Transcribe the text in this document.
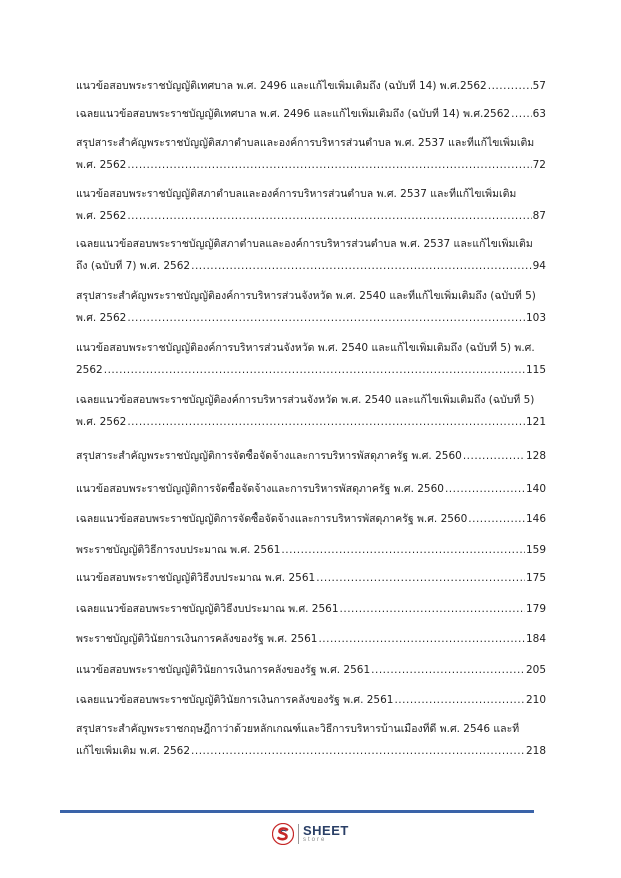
แนวข้อสอบพระราชบัญญัติเทศบาล พ.ศ. 2496 และแก้ไขเพิ่มเติมถึง (ฉบับที่ 14) พ.ศ.2562 .....	57
เฉลยแนวข้อสอบพระราชบัญญัติเทศบาล พ.ศ. 2496 และแก้ไขเพิ่มเติมถึง (ฉบับที่ 14) พ.ศ.2562 ..... 63
สรุปสาระสำคัญพระราชบัญญัติสภาตำบลและองค์การบริหารส่วนตำบล พ.ศ. 2537 และที่แก้ไขเพิ่มเติม
พ.ศ. 2562 .....	72
แนวข้อสอบพระราชบัญญัติสภาตำบลและองค์การบริหารส่วนตำบล พ.ศ. 2537 และที่แก้ไขเพิ่มเติม
พ.ศ. 2562 .....	87
เฉลยแนวข้อสอบพระราชบัญญัติสภาตำบลและองค์การบริหารส่วนตำบล พ.ศ. 2537 และแก้ไขเพิ่มเติม
ถึง (ฉบับที่ 7) พ.ศ. 2562 .....	94
สรุปสาระสำคัญพระราชบัญญัติองค์การบริหารส่วนจังหวัด พ.ศ. 2540 และที่แก้ไขเพิ่มเติมถึง (ฉบับที่ 5)
พ.ศ. 2562 .....	103
แนวข้อสอบพระราชบัญญัติองค์การบริหารส่วนจังหวัด พ.ศ. 2540 และแก้ไขเพิ่มเติมถึง (ฉบับที่ 5) พ.ศ.
2562 .....	115
เฉลยแนวข้อสอบพระราชบัญญัติองค์การบริหารส่วนจังหวัด พ.ศ. 2540 และแก้ไขเพิ่มเติมถึง (ฉบับที่ 5)
พ.ศ. 2562 .....	121
สรุปสาระสำคัญพระราชบัญญัติการจัดซื้อจัดจ้างและการบริหารพัสดุภาครัฐ พ.ศ. 2560 .....	128
แนวข้อสอบพระราชบัญญัติการจัดซื้อจัดจ้างและการบริหารพัสดุภาครัฐ พ.ศ. 2560 .....	140
เฉลยแนวข้อสอบพระราชบัญญัติการจัดซื้อจัดจ้างและการบริหารพัสดุภาครัฐ พ.ศ. 2560 .....	146
พระราชบัญญัติวิธีการงบประมาณ พ.ศ. 2561 .....	159
แนวข้อสอบพระราชบัญญัติวิธีงบประมาณ พ.ศ. 2561 .....	175
เฉลยแนวข้อสอบพระราชบัญญัติวิธีงบประมาณ พ.ศ. 2561 .....	179
พระราชบัญญัติวินัยการเงินการคลังของรัฐ พ.ศ. 2561 .....	184
แนวข้อสอบพระราชบัญญัติวินัยการเงินการคลังของรัฐ พ.ศ. 2561 .....	205
เฉลยแนวข้อสอบพระราชบัญญัติวินัยการเงินการคลังของรัฐ พ.ศ. 2561 .....	210
สรุปสาระสำคัญพระราชกฤษฎีกาว่าด้วยหลักเกณฑ์และวิธีการบริหารบ้านเมืองที่ดี พ.ศ. 2546 และที่
แก้ไขเพิ่มเติม พ.ศ. 2562 .....	218
SHEET
store
